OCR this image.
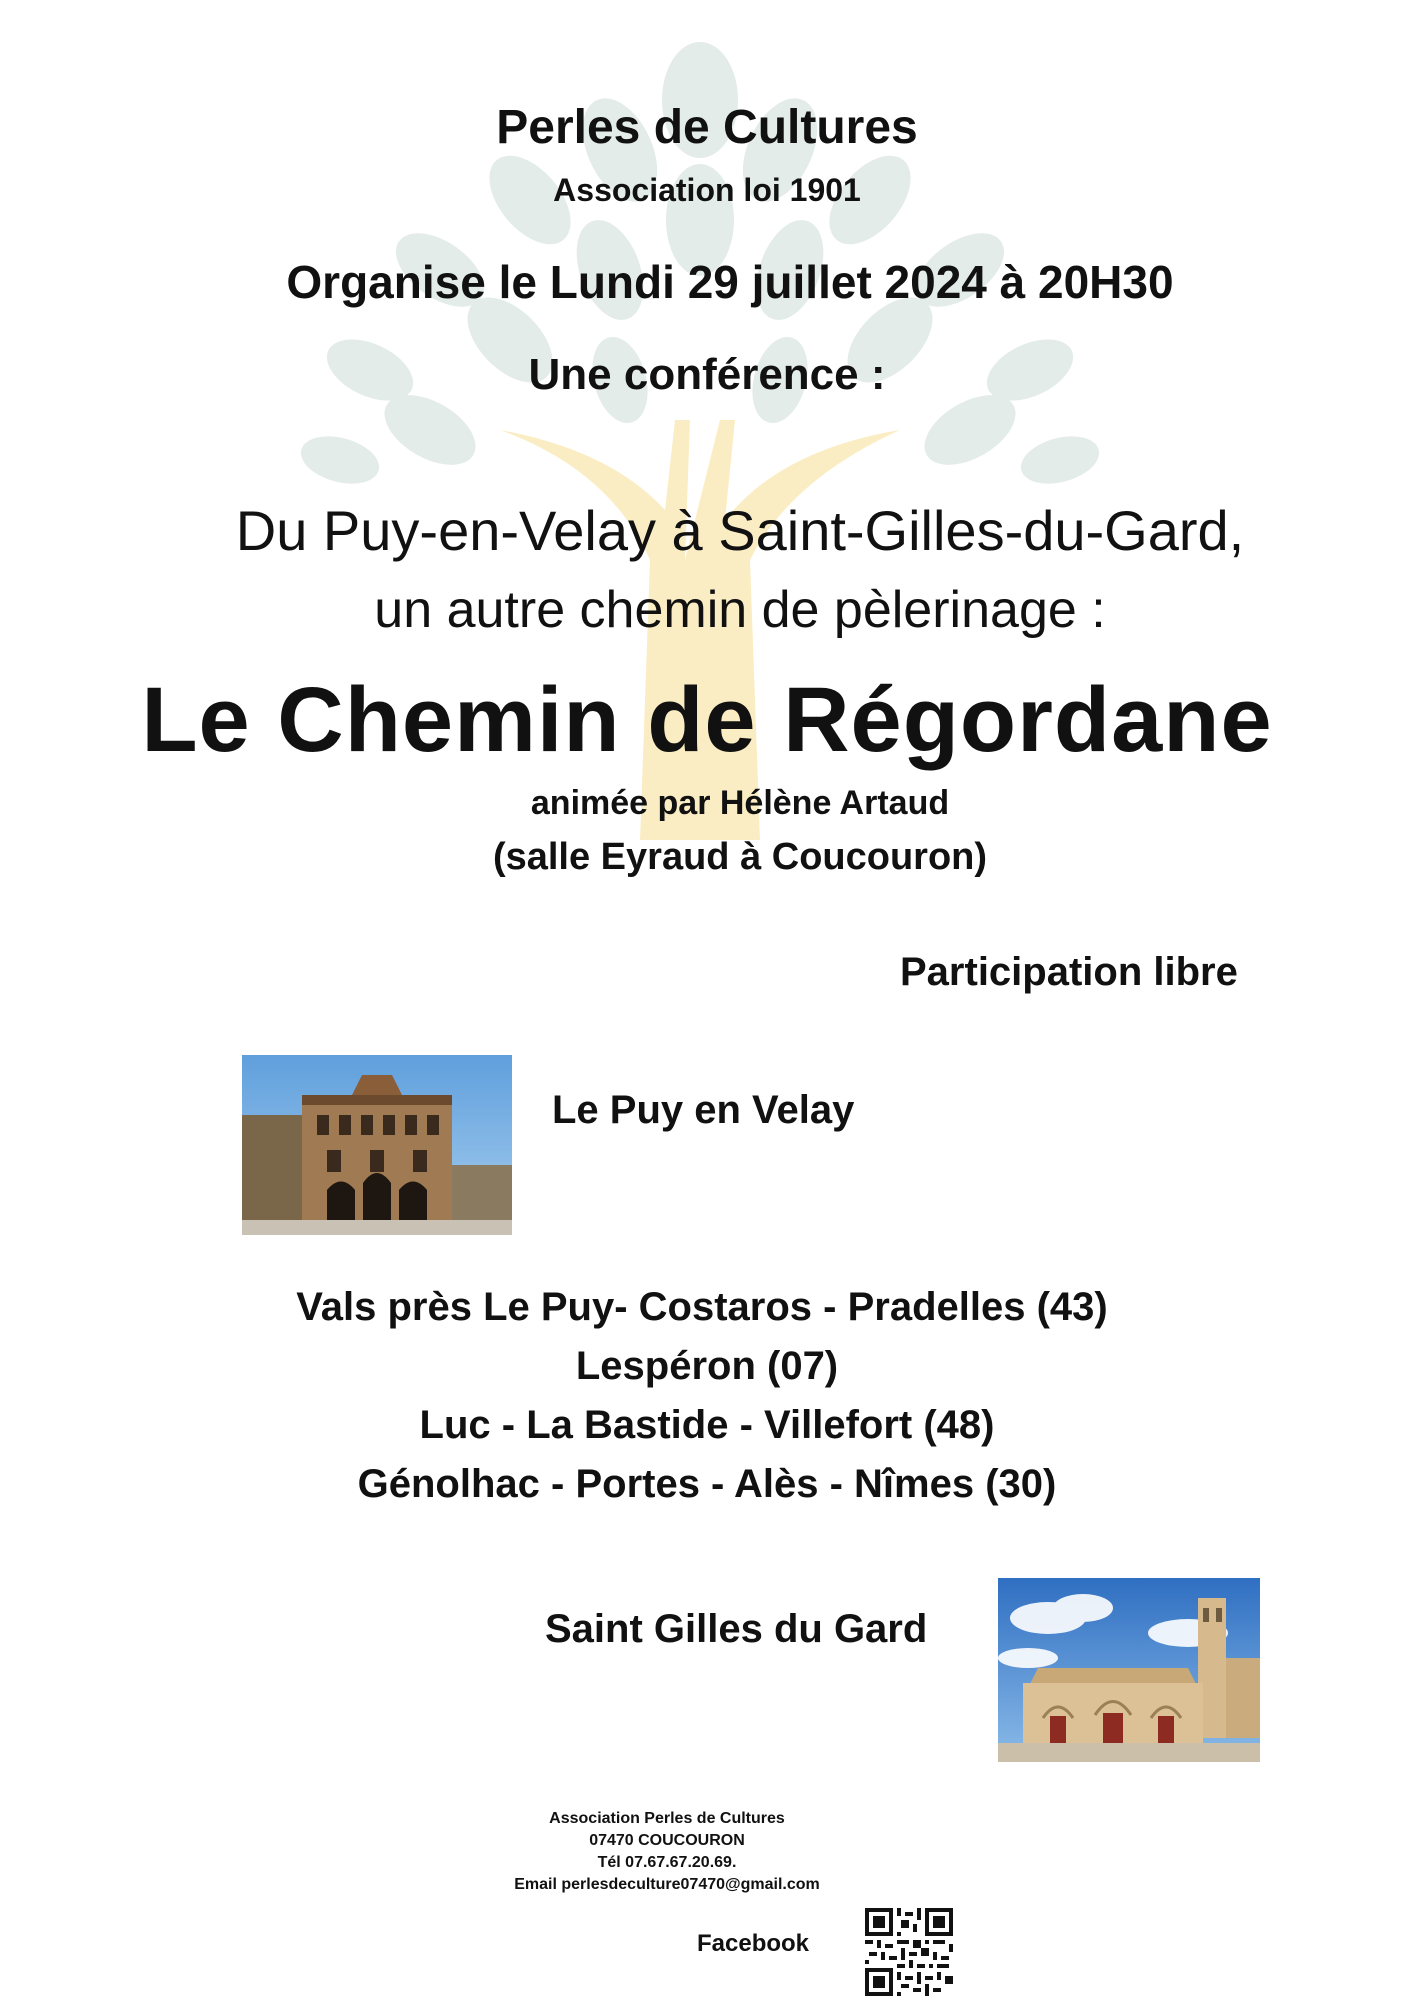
Perles de Cultures
Association loi 1901
Organise le Lundi 29 juillet 2024 à 20H30
Une conférence :
Du Puy-en-Velay à Saint-Gilles-du-Gard,
un autre chemin de pèlerinage :
Le Chemin de Régordane
animée par Hélène Artaud
(salle Eyraud à Coucouron)
Participation libre
Le Puy en Velay
Vals près Le Puy- Costaros - Pradelles (43)
Lespéron (07)
Luc - La Bastide - Villefort (48)
Génolhac - Portes - Alès - Nîmes (30)
Saint Gilles du Gard
Association Perles de Cultures
07470 COUCOURON
Tél 07.67.67.20.69.
Email perlesdeculture07470@gmail.com
Facebook
